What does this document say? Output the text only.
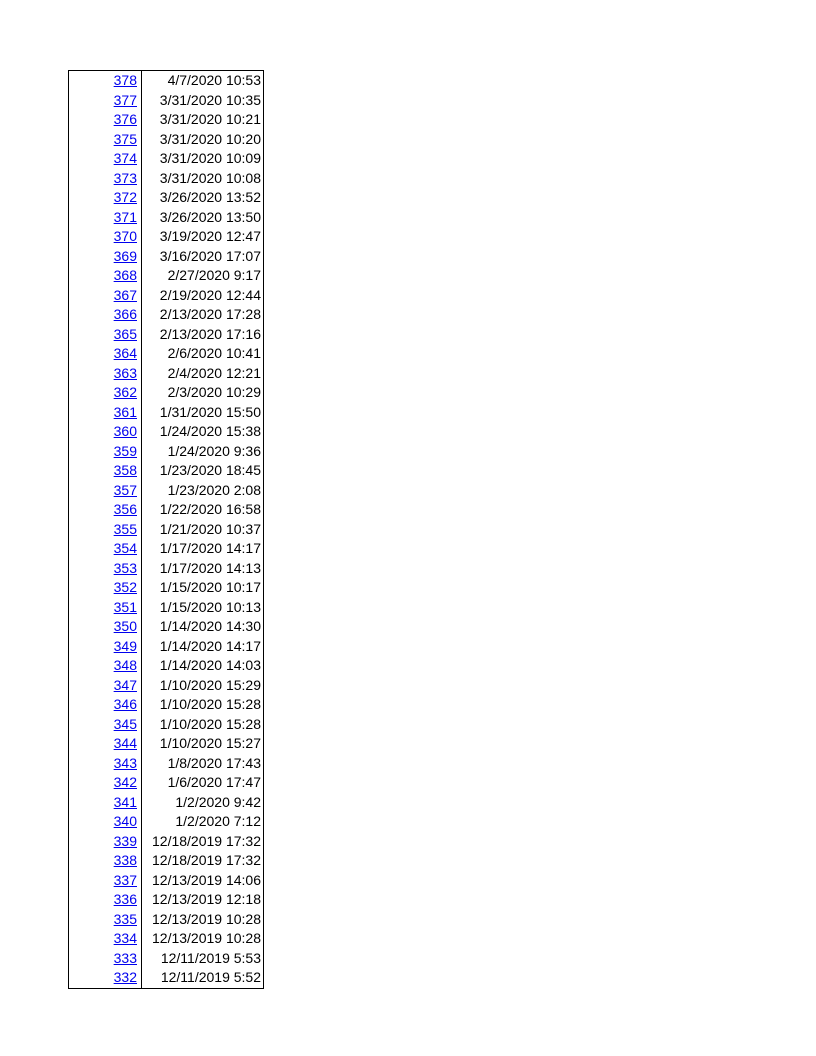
378	4/7/2020 10:53
377	3/31/2020 10:35
376	3/31/2020 10:21
375	3/31/2020 10:20
374	3/31/2020 10:09
373	3/31/2020 10:08
372	3/26/2020 13:52
371	3/26/2020 13:50
370	3/19/2020 12:47
369	3/16/2020 17:07
368	2/27/2020 9:17
367	2/19/2020 12:44
366	2/13/2020 17:28
365	2/13/2020 17:16
364	2/6/2020 10:41
363	2/4/2020 12:21
362	2/3/2020 10:29
361	1/31/2020 15:50
360	1/24/2020 15:38
359	1/24/2020 9:36
358	1/23/2020 18:45
357	1/23/2020 2:08
356	1/22/2020 16:58
355	1/21/2020 10:37
354	1/17/2020 14:17
353	1/17/2020 14:13
352	1/15/2020 10:17
351	1/15/2020 10:13
350	1/14/2020 14:30
349	1/14/2020 14:17
348	1/14/2020 14:03
347	1/10/2020 15:29
346	1/10/2020 15:28
345	1/10/2020 15:28
344	1/10/2020 15:27
343	1/8/2020 17:43
342	1/6/2020 17:47
341	1/2/2020 9:42
340	1/2/2020 7:12
339	12/18/2019 17:32
338	12/18/2019 17:32
337	12/13/2019 14:06
336	12/13/2019 12:18
335	12/13/2019 10:28
334	12/13/2019 10:28
333	12/11/2019 5:53
332	12/11/2019 5:52
